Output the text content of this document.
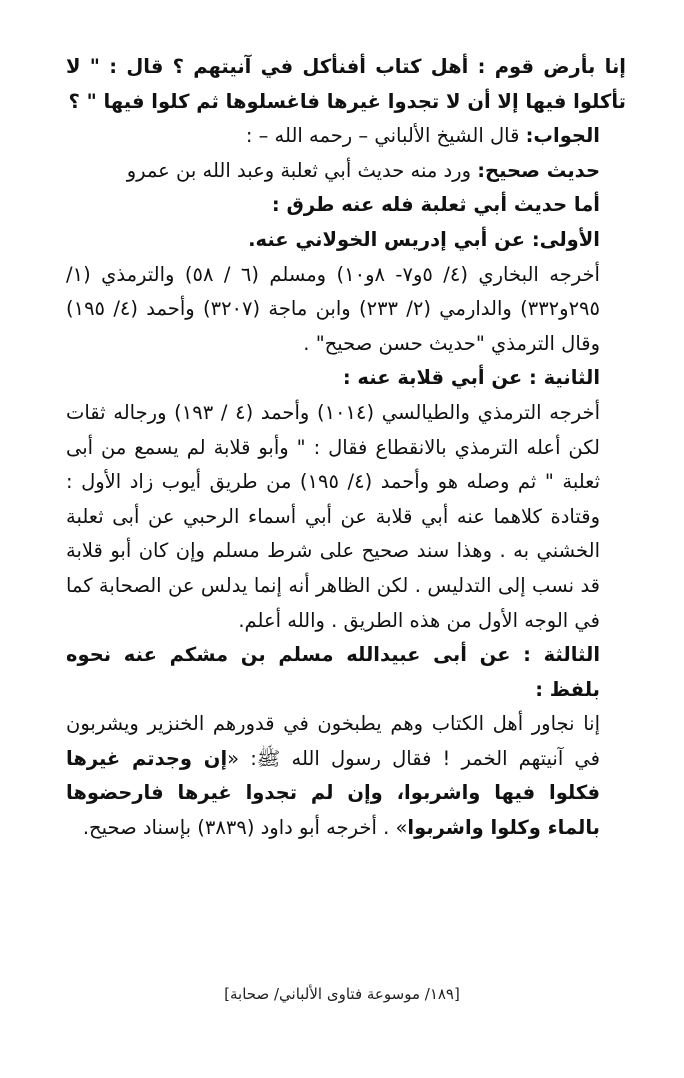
إنا بأرض قوم : أهل كتاب أفنأكل في آنيتهم ؟ قال : " لا تأكلوا فيها إلا أن لا تجدوا غيرها فاغسلوها ثم كلوا فيها " ؟

الجواب: قال الشيخ الألباني – رحمه الله – :

حديث صحيح: ورد منه حديث أبي ثعلبة وعبد الله بن عمرو

أما حديث أبي ثعلبة فله عنه طرق :

الأولى: عن أبي إدريس الخولاني عنه.

أخرجه البخاري (٤/ ٥و٧- ٨و١٠) ومسلم (٦ / ٥٨) والترمذي (١/ ٢٩٥و٣٣٢) والدارمي (٢/ ٢٣٣) وابن ماجة (٣٢٠٧) وأحمد (٤/ ١٩٥) وقال الترمذي "حديث حسن صحيح" .

الثانية : عن أبي قلابة عنه :

أخرجه الترمذي والطيالسي (١٠١٤) وأحمد (٤ / ١٩٣) ورجاله ثقات لكن أعله الترمذي بالانقطاع فقال : " وأبو قلابة لم يسمع من أبى ثعلبة " ثم وصله هو وأحمد (٤/ ١٩٥) من طريق أيوب زاد الأول : وقتادة كلاهما عنه أبي قلابة عن أبي أسماء الرحبي عن أبى ثعلبة الخشني به . وهذا سند صحيح على شرط مسلم وإن كان أبو قلابة قد نسب إلى التدليس . لكن الظاهر أنه إنما يدلس عن الصحابة كما في الوجه الأول من هذه الطريق . والله أعلم.

الثالثة : عن أبى عبيدالله مسلم بن مشكم عنه نحوه بلفظ :

إنا نجاور أهل الكتاب وهم يطبخون في قدورهم الخنزير ويشربون في آنيتهم الخمر ! فقال رسول الله ﷺ: «إن وجدتم غيرها فكلوا فيها واشربوا، وإن لم تجدوا غيرها فارحضوها بالماء وكلوا واشربوا» . أخرجه أبو داود (٣٨٣٩) بإسناد صحيح.

[١٨٩/ موسوعة فتاوى الألباني/ صحابة]
